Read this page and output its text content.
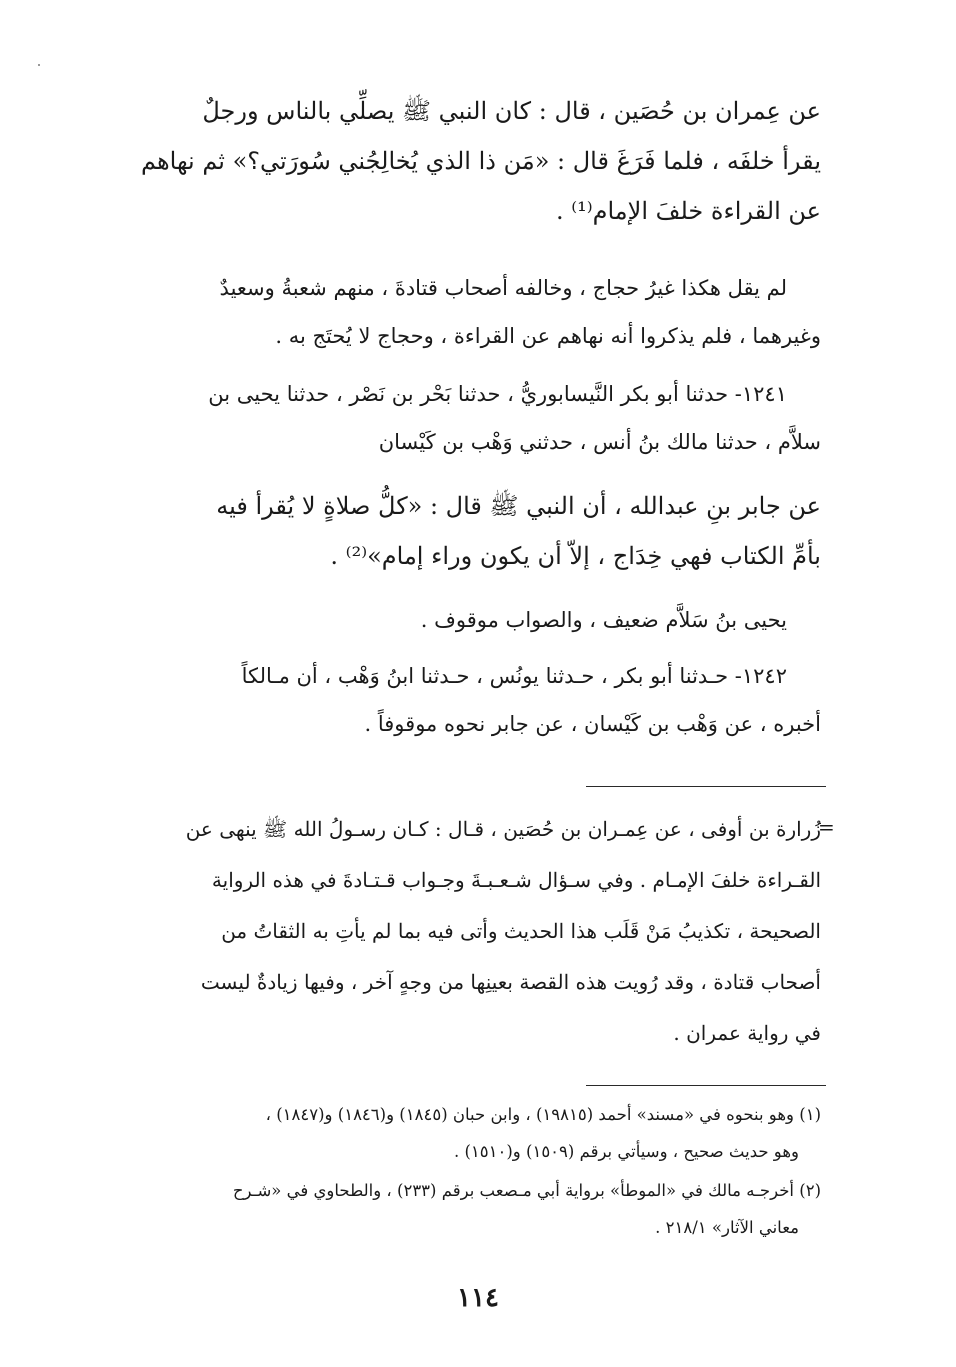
عن عِمران بن حُصَين ، قال : كان النبي ﷺ يصلِّي بالناس ورجلٌ
يقرأ خلفَه ، فلما فَرَغَ قال : «مَن ذا الذي يُخالِجُني سُورَتي؟» ثم نهاهم
عن القراءة خلفَ الإمام⁽¹⁾ .
لم يقل هكذا غيرُ حجاج ، وخالفه أصحاب قتادةَ ، منهم شعبةُ وسعيدٌ
وغيرهما ، فلم يذكروا أنه نهاهم عن القراءة ، وحجاج لا يُحتَج به .
١٢٤١- حدثنا أبو بكر النَّيسابوريُّ ، حدثنا بَحْر بن نَصْر ، حدثنا يحيى بن
سلاَّم ، حدثنا مالك بنُ أنس ، حدثني وَهْب بن كَيْسان
عن جابر بنِ عبدالله ، أن النبي ﷺ قال : «كلُّ صلاةٍ لا يُقرأ فيه
بأمِّ الكتاب فهي خِدَاج ، إلاّ أن يكون وراء إمام»⁽²⁾ .
يحيى بنُ سَلاَّم ضعيف ، والصواب موقوف .
١٢٤٢- حـدثنا أبو بكر ، حـدثنا يونُس ، حـدثنا ابنُ وَهْب ، أن مـالكاً
أخبره ، عن وَهْب بن كَيْسان ، عن جابر نحوه موقوفاً .
=
زُرارة بن أوفى ، عن عِمـران بن حُصَين ، قـال : كـان رسـولُ الله ﷺ ينهى عن
القـراءة خلفَ الإمـام . وفي سـؤال شـعـبـةَ وجـواب قـتـادةَ في هذه الرواية
الصحيحة ، تكذيبُ مَنْ قَلَب هذا الحديث وأتى فيه بما لم يأتِ به الثقاتُ من
أصحاب قتادة ، وقد رُويت هذه القصة بعينِها من وجهٍ آخر ، وفيها زيادةٌ ليست
في رواية عمران .
(١) وهو بنحوه في «مسند» أحمد (١٩٨١٥) ، وابن حبان (١٨٤٥) و(١٨٤٦) و(١٨٤٧) ،
وهو حديث صحيح ، وسيأتي برقم (١٥٠٩) و(١٥١٠) .
(٢) أخرجـه مالك في «الموطأ» برواية أبي مـصعب برقم (٢٣٣) ، والطحاوي في «شـرح
معاني الآثار» ٢١٨/١ .
١١٤
